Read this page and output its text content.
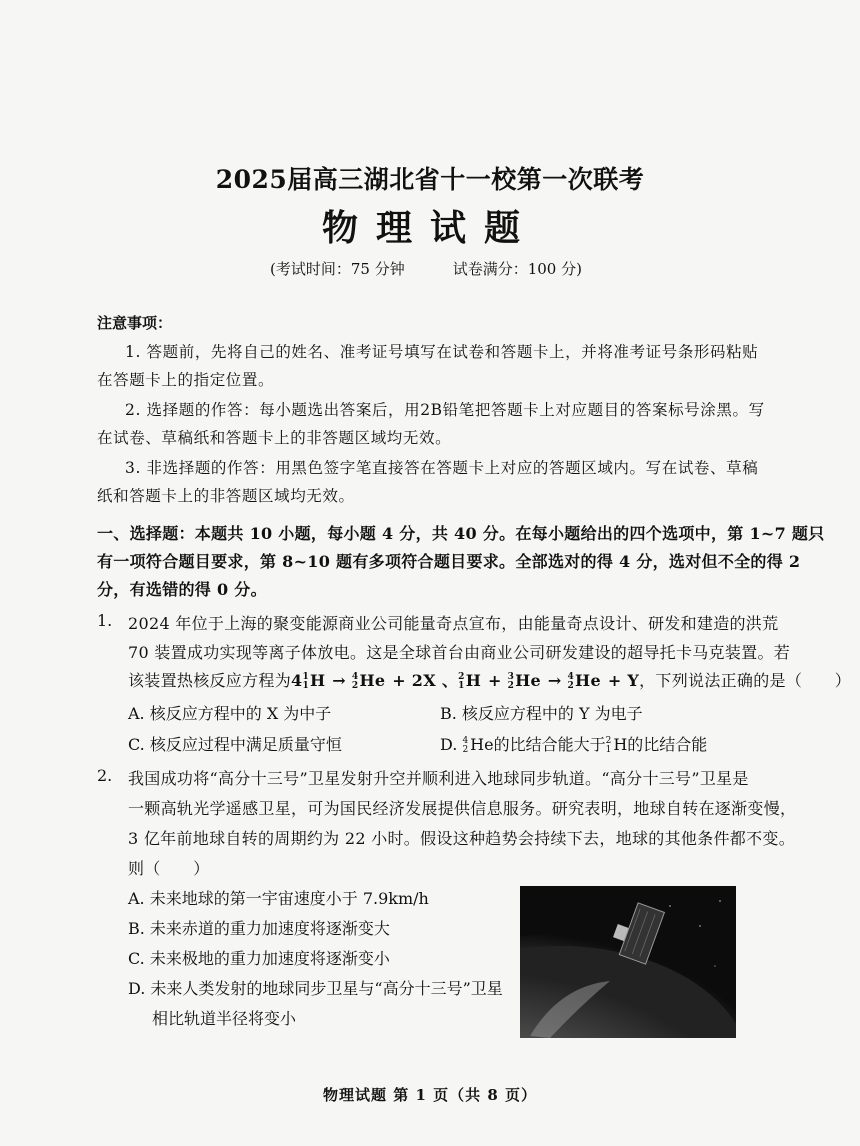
2025届高三湖北省十一校第一次联考
物理试题
(考试时间：75 分钟	试卷满分：100 分)
注意事项：
1. 答题前，先将自己的姓名、准考证号填写在试卷和答题卡上，并将准考证号条形码粘贴
在答题卡上的指定位置。
2. 选择题的作答：每小题选出答案后，用2B铅笔把答题卡上对应题目的答案标号涂黑。写
在试卷、草稿纸和答题卡上的非答题区域均无效。
3. 非选择题的作答：用黑色签字笔直接答在答题卡上对应的答题区域内。写在试卷、草稿
纸和答题卡上的非答题区域均无效。
一、选择题：本题共 10 小题，每小题 4 分，共 40 分。在每小题给出的四个选项中，第 1~7 题只
有一项符合题目要求，第 8~10 题有多项符合题目要求。全部选对的得 4 分，选对但不全的得 2
分，有选错的得 0 分。
1. 2024 年位于上海的聚变能源商业公司能量奇点宣布，由能量奇点设计、研发和建造的洪荒
70 装置成功实现等离子体放电。这是全球首台由商业公司研发建设的超导托卡马克装置。若
该装置热核反应方程为41
1H → 4
2He + 2X 、2
1H + 3
2He → 4
2He + Y，下列说法正确的是（　　）
A. 核反应方程中的 X 为中子	B. 核反应方程中的 Y 为电子
C. 核反应过程中满足质量守恒	D. 4
2 He的比结合能大于2
1 H的比结合能
2. 我国成功将“高分十三号”卫星发射升空并顺利进入地球同步轨道。“高分十三号”卫星是
一颗高轨光学遥感卫星，可为国民经济发展提供信息服务。研究表明，地球自转在逐渐变慢，
3 亿年前地球自转的周期约为 22 小时。假设这种趋势会持续下去，地球的其他条件都不变。
则（　　）
A. 未来地球的第一宇宙速度小于 7.9km/h
B. 未来赤道的重力加速度将逐渐变大
C. 未来极地的重力加速度将逐渐变小
D. 未来人类发射的地球同步卫星与“高分十三号”卫星
相比轨道半径将变小
物理试题 第 1 页（共 8 页）
